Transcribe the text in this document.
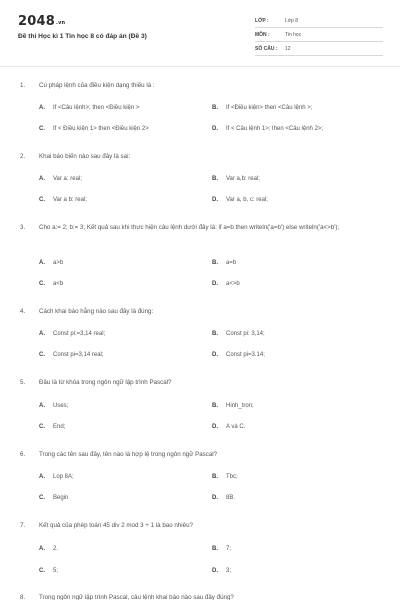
2048.vn
Đề thi Học kì 1 Tin học 8 có đáp án (Đề 3)
LỚP :	Lớp 8
MÔN :	Tin học
SỐ CÂU : 12
1. Cú pháp lệnh của điều kiện dạng thiếu là :
A. If <Câu lệnh>; then <Điều kiện >	B. If <Điều kiện> then <Câu lệnh >;
C. If < Điều kiện 1> then <Điều kiện 2>	D. If < Câu lệnh 1>; then <Câu lệnh 2>;
2. Khai báo biến nào sau đây là sai:
A. Var a: real;	B. Var a,b: real;
C. Var a b: real;	D. Var a, b, c: real;
3. Cho a:= 2; b:= 3; Kết quả sau khi thực hiện câu lệnh dưới đây là: if a=b then writeln('a=b') else writeln('a<>b');
A. a>b	B. a=b
C. a<b	D. a<>b
4. Cách khai báo hằng nào sau đây là đúng:
A. Const pi:=3,14 real;	B. Const pi: 3,14;
C. Const pi=3,14 real;	D. Const pi=3.14;
5. Đâu là từ khóa trong ngôn ngữ lập trình Pascal?
A. Uses;	B. Hinh_tron;
C. End;	D. A và C.
6. Trong các tên sau đây, tên nào là hợp lệ trong ngôn ngữ Pascal?
A. Lop 8A;	B. Tbc;
C. Begin	D. 8B.
7. Kết quả của phép toán 45 div 2 mod 3 + 1 là bao nhiêu?
A. 2.	B. 7;
C. 5;	D. 3;
8. Trong ngôn ngữ lập trình Pascal, câu lệnh khai báo nào sau đây đúng?
